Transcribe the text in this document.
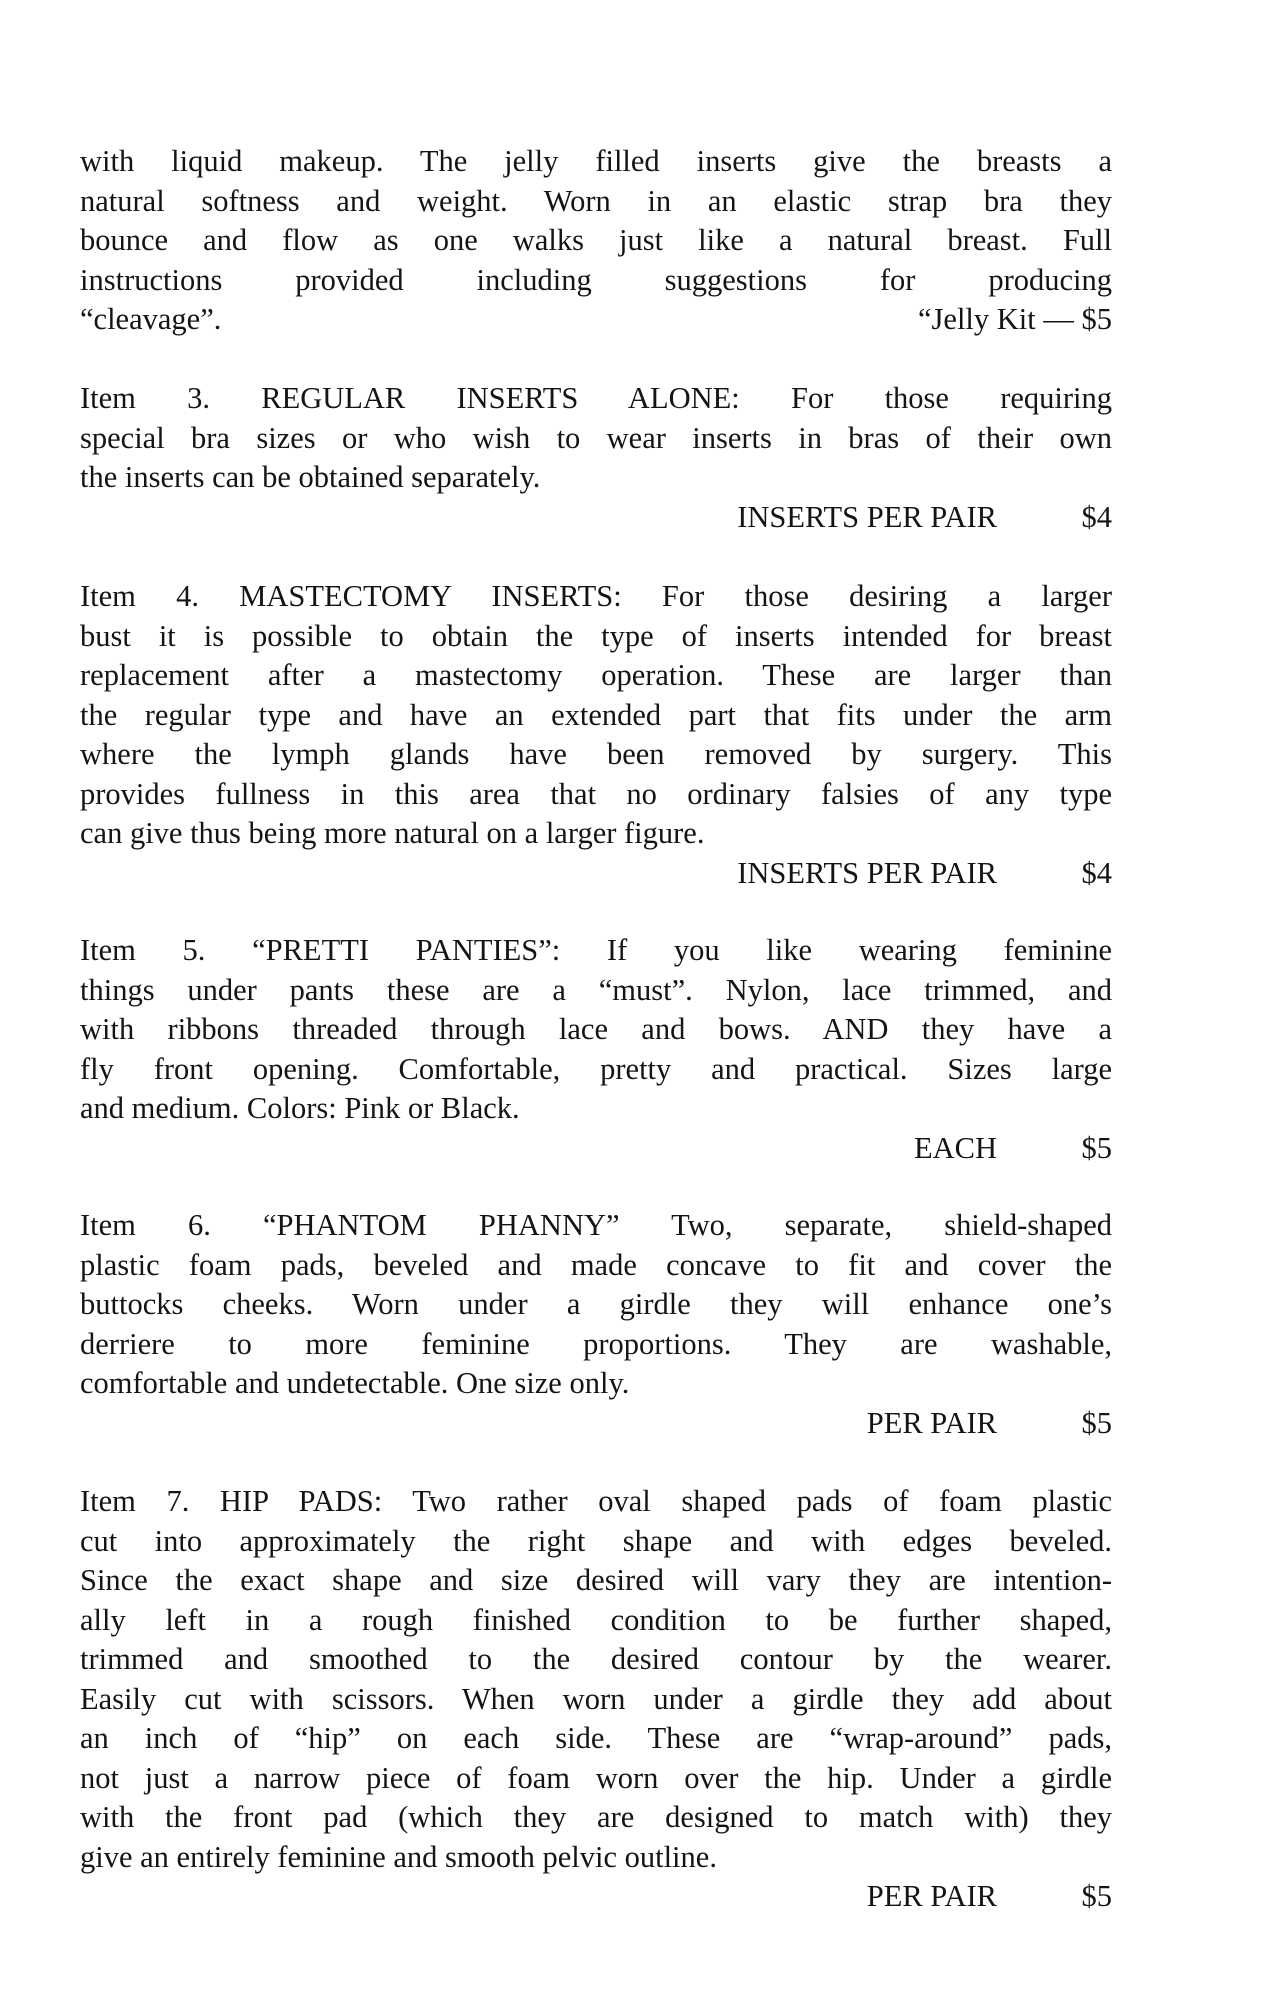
with liquid makeup. The jelly filled inserts give the breasts a
natural softness and weight. Worn in an elastic strap bra they
bounce and flow as one walks just like a natural breast. Full
instructions provided including suggestions for producing
“cleavage”.	“Jelly Kit — $5
Item 3. REGULAR INSERTS ALONE: For those requiring
special bra sizes or who wish to wear inserts in bras of their own
the inserts can be obtained separately.
INSERTS PER PAIR	$4
Item 4. MASTECTOMY INSERTS: For those desiring a larger
bust it is possible to obtain the type of inserts intended for breast
replacement after a mastectomy operation. These are larger than
the regular type and have an extended part that fits under the arm
where the lymph glands have been removed by surgery. This
provides fullness in this area that no ordinary falsies of any type
can give thus being more natural on a larger figure.
INSERTS PER PAIR	$4
Item 5. “PRETTI PANTIES”: If you like wearing feminine
things under pants these are a “must”. Nylon, lace trimmed, and
with ribbons threaded through lace and bows. AND they have a
fly front opening. Comfortable, pretty and practical. Sizes large
and medium. Colors: Pink or Black.
EACH	$5
Item 6. “PHANTOM PHANNY” Two, separate, shield-shaped
plastic foam pads, beveled and made concave to fit and cover the
buttocks cheeks. Worn under a girdle they will enhance one’s
derriere to more feminine proportions. They are washable,
comfortable and undetectable. One size only.
PER PAIR	$5
Item 7. HIP PADS: Two rather oval shaped pads of foam plastic
cut into approximately the right shape and with edges beveled.
Since the exact shape and size desired will vary they are intention-
ally left in a rough finished condition to be further shaped,
trimmed and smoothed to the desired contour by the wearer.
Easily cut with scissors. When worn under a girdle they add about
an inch of “hip” on each side. These are “wrap-around” pads,
not just a narrow piece of foam worn over the hip. Under a girdle
with the front pad (which they are designed to match with) they
give an entirely feminine and smooth pelvic outline.
PER PAIR	$5
